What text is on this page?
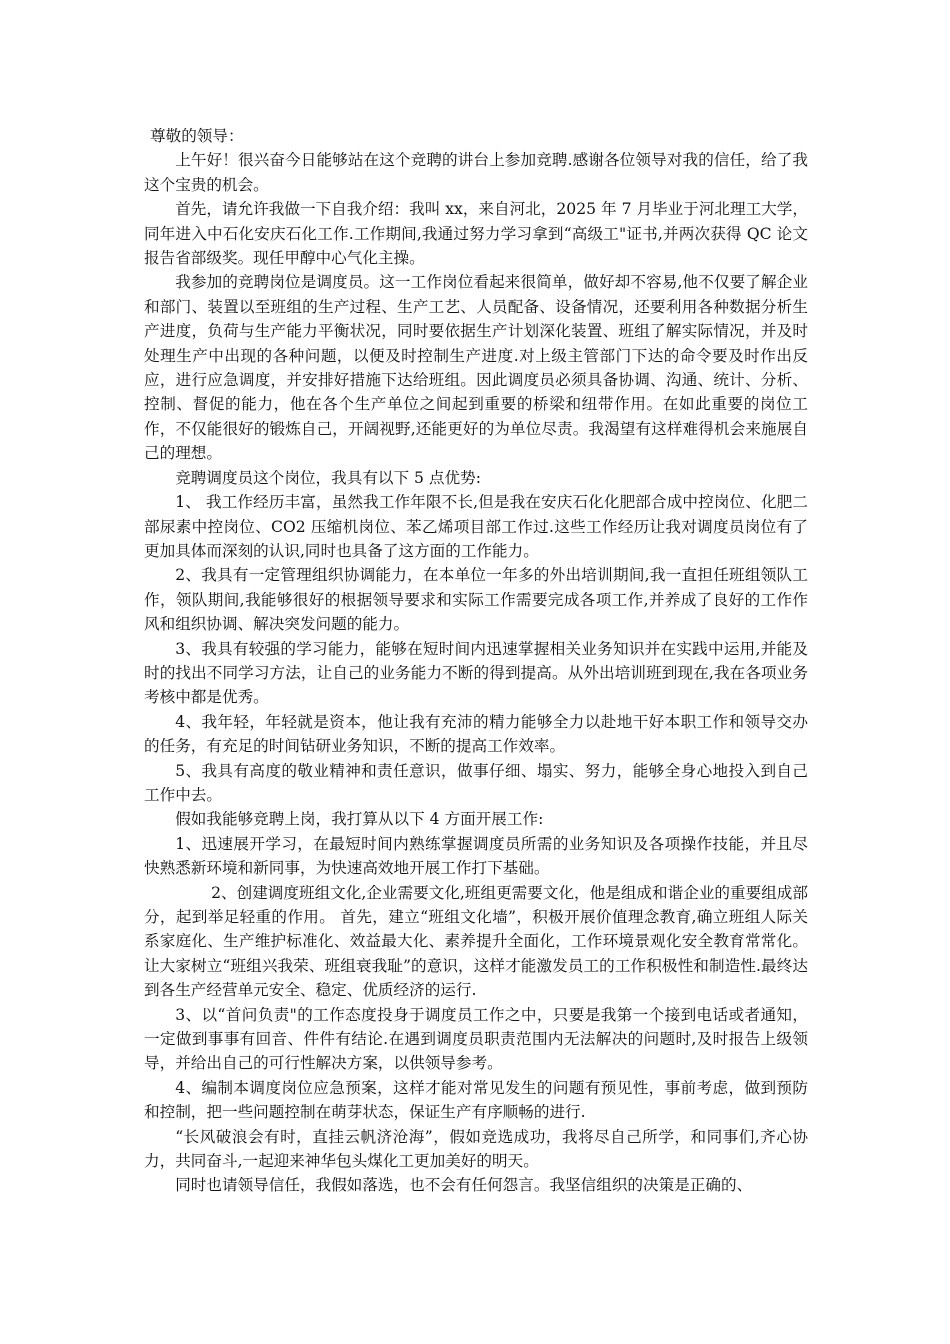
尊敬的领导：

上午好！很兴奋今日能够站在这个竞聘的讲台上参加竞聘.感谢各位领导对我的信任，给了我这个宝贵的机会。

首先，请允许我做一下自我介绍：我叫 xx，来自河北，2025 年 7 月毕业于河北理工大学，同年进入中石化安庆石化工作.工作期间,我通过努力学习拿到“高级工"证书,并两次获得 QC 论文报告省部级奖。现任甲醇中心气化主操。

我参加的竞聘岗位是调度员。这一工作岗位看起来很简单，做好却不容易,他不仅要了解企业和部门、装置以至班组的生产过程、生产工艺、人员配备、设备情况，还要利用各种数据分析生产进度，负荷与生产能力平衡状况，同时要依据生产计划深化装置、班组了解实际情况，并及时处理生产中出现的各种问题，以便及时控制生产进度.对上级主管部门下达的命令要及时作出反应，进行应急调度，并安排好措施下达给班组。因此调度员必须具备协调、沟通、统计、分析、控制、督促的能力，他在各个生产单位之间起到重要的桥梁和纽带作用。在如此重要的岗位工作，不仅能很好的锻炼自己，开阔视野,还能更好的为单位尽责。我渴望有这样难得机会来施展自己的理想。

竞聘调度员这个岗位，我具有以下 5 点优势:

1、 我工作经历丰富，虽然我工作年限不长,但是我在安庆石化化肥部合成中控岗位、化肥二部尿素中控岗位、CO2 压缩机岗位、苯乙烯项目部工作过.这些工作经历让我对调度员岗位有了更加具体而深刻的认识,同时也具备了这方面的工作能力。

2、我具有一定管理组织协调能力，在本单位一年多的外出培训期间,我一直担任班组领队工作，领队期间,我能够很好的根据领导要求和实际工作需要完成各项工作,并养成了良好的工作作风和组织协调、解决突发问题的能力。

3、我具有较强的学习能力，能够在短时间内迅速掌握相关业务知识并在实践中运用,并能及时的找出不同学习方法，让自己的业务能力不断的得到提高。从外出培训班到现在,我在各项业务考核中都是优秀。

4、我年轻，年轻就是资本，他让我有充沛的精力能够全力以赴地干好本职工作和领导交办的任务，有充足的时间钻研业务知识，不断的提高工作效率。

5、我具有高度的敬业精神和责任意识，做事仔细、塌实、努力，能够全身心地投入到自己工作中去。

假如我能够竞聘上岗，我打算从以下 4 方面开展工作:

1、迅速展开学习，在最短时间内熟练掌握调度员所需的业务知识及各项操作技能，并且尽快熟悉新环境和新同事，为快速高效地开展工作打下基础。

2、创建调度班组文化,企业需要文化,班组更需要文化，他是组成和谐企业的重要组成部分，起到举足轻重的作用。 首先，建立“班组文化墙”，积极开展价值理念教育,确立班组人际关系家庭化、生产维护标准化、效益最大化、素养提升全面化，工作环境景观化安全教育常常化。让大家树立“班组兴我荣、班组衰我耻”的意识，这样才能激发员工的工作积极性和制造性.最终达到各生产经营单元安全、稳定、优质经济的运行.

3、以“首问负责"的工作态度投身于调度员工作之中，只要是我第一个接到电话或者通知，一定做到事事有回音、件件有结论.在遇到调度员职责范围内无法解决的问题时,及时报告上级领导，并给出自己的可行性解决方案，以供领导参考。

4、编制本调度岗位应急预案，这样才能对常见发生的问题有预见性，事前考虑，做到预防和控制，把一些问题控制在萌芽状态，保证生产有序顺畅的进行.

“长风破浪会有时，直挂云帆济沧海”，假如竞选成功，我将尽自己所学，和同事们,齐心协力，共同奋斗,一起迎来神华包头煤化工更加美好的明天。

同时也请领导信任，我假如落选，也不会有任何怨言。我坚信组织的决策是正确的、
